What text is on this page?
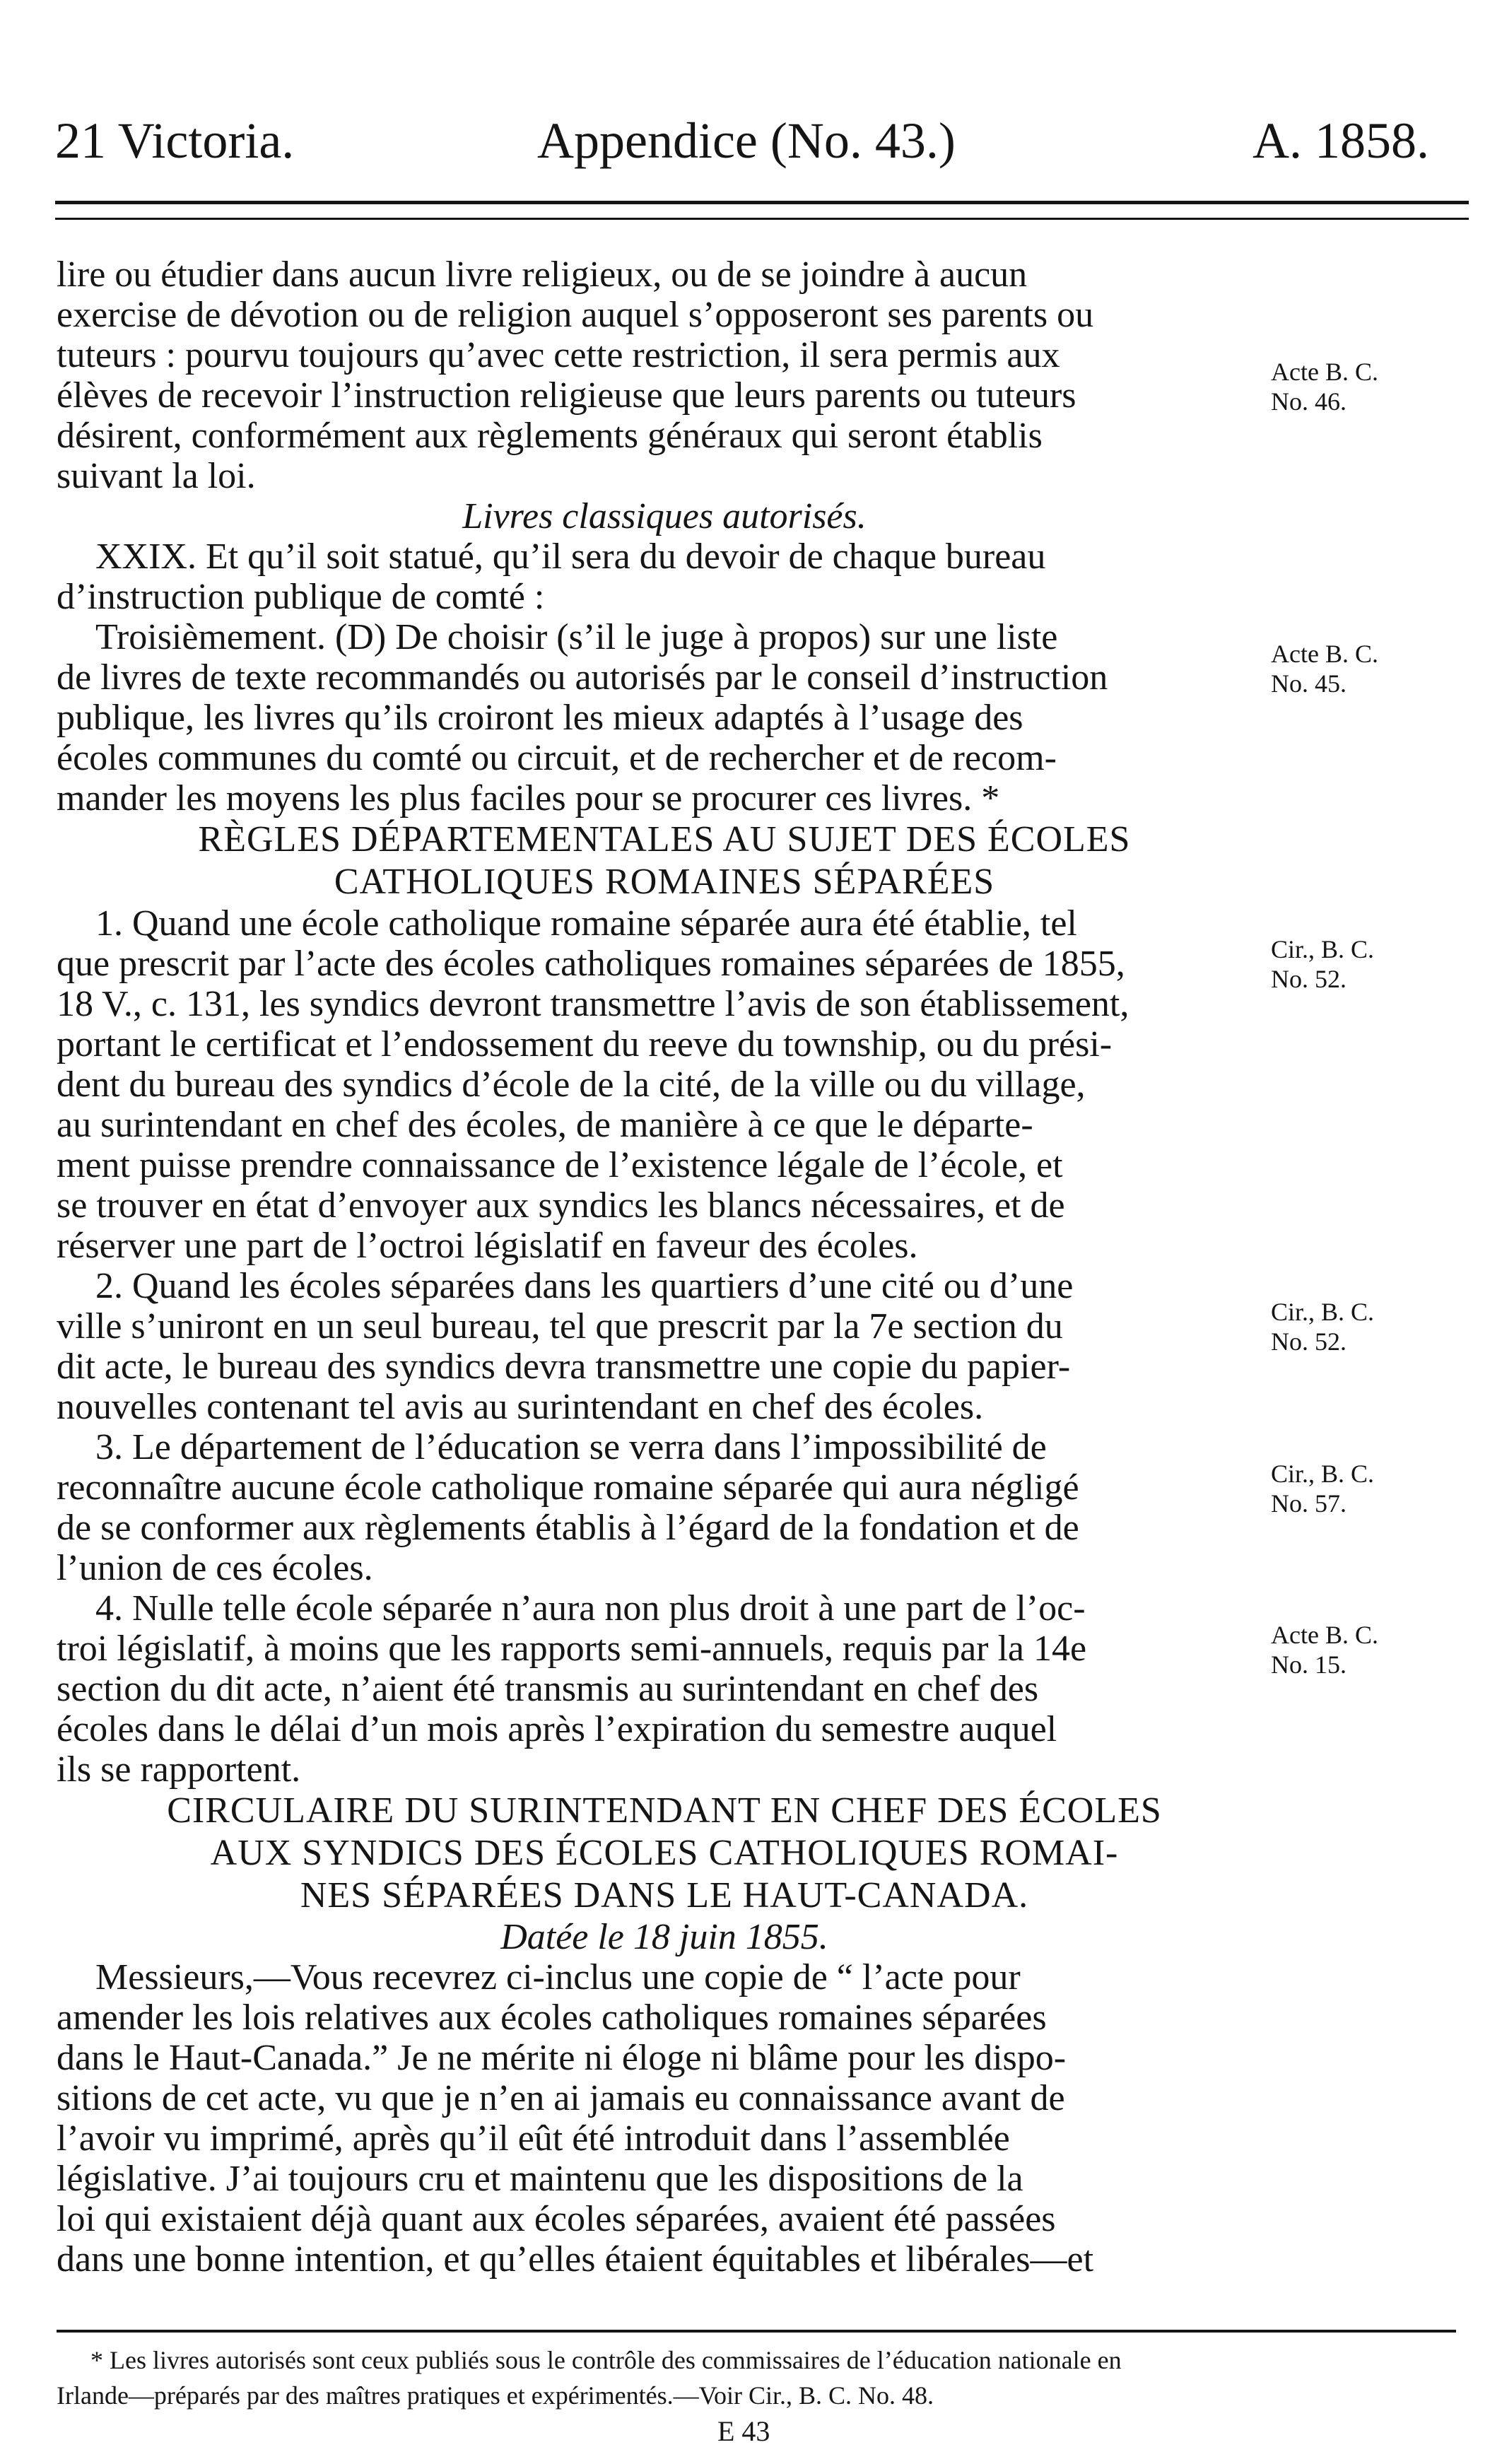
21 Victoria.	Appendice (No. 43.)	A. 1858.
lire ou étudier dans aucun livre religieux, ou de se joindre à aucun
exercise de dévotion ou de religion auquel s’opposeront ses parents ou
tuteurs : pourvu toujours qu’avec cette restriction, il sera permis aux
élèves de recevoir l’instruction religieuse que leurs parents ou tuteurs
désirent, conformément aux règlements généraux qui seront établis
suivant la loi.
Livres classiques autorisés.
XXIX. Et qu’il soit statué, qu’il sera du devoir de chaque bureau
d’instruction publique de comté :
Troisièmement. (D) De choisir (s’il le juge à propos) sur une liste
de livres de texte recommandés ou autorisés par le conseil d’instruction
publique, les livres qu’ils croiront les mieux adaptés à l’usage des
écoles communes du comté ou circuit, et de rechercher et de recom-
mander les moyens les plus faciles pour se procurer ces livres. *
RÈGLES DÉPARTEMENTALES AU SUJET DES ÉCOLES
CATHOLIQUES ROMAINES SÉPARÉES
1. Quand une école catholique romaine séparée aura été établie, tel
que prescrit par l’acte des écoles catholiques romaines séparées de 1855,
18 V., c. 131, les syndics devront transmettre l’avis de son établissement,
portant le certificat et l’endossement du reeve du township, ou du prési-
dent du bureau des syndics d’école de la cité, de la ville ou du village,
au surintendant en chef des écoles, de manière à ce que le départe-
ment puisse prendre connaissance de l’existence légale de l’école, et
se trouver en état d’envoyer aux syndics les blancs nécessaires, et de
réserver une part de l’octroi législatif en faveur des écoles.
2. Quand les écoles séparées dans les quartiers d’une cité ou d’une
ville s’uniront en un seul bureau, tel que prescrit par la 7e section du
dit acte, le bureau des syndics devra transmettre une copie du papier-
nouvelles contenant tel avis au surintendant en chef des écoles.
3. Le département de l’éducation se verra dans l’impossibilité de
reconnaître aucune école catholique romaine séparée qui aura négligé
de se conformer aux règlements établis à l’égard de la fondation et de
l’union de ces écoles.
4. Nulle telle école séparée n’aura non plus droit à une part de l’oc-
troi législatif, à moins que les rapports semi-annuels, requis par la 14e
section du dit acte, n’aient été transmis au surintendant en chef des
écoles dans le délai d’un mois après l’expiration du semestre auquel
ils se rapportent.
CIRCULAIRE DU SURINTENDANT EN CHEF DES ÉCOLES
AUX SYNDICS DES ÉCOLES CATHOLIQUES ROMAI-
NES SÉPARÉES DANS LE HAUT-CANADA.
Datée le 18 juin 1855.
Messieurs,—Vous recevrez ci-inclus une copie de “ l’acte pour
amender les lois relatives aux écoles catholiques romaines séparées
dans le Haut-Canada.” Je ne mérite ni éloge ni blâme pour les dispo-
sitions de cet acte, vu que je n’en ai jamais eu connaissance avant de
l’avoir vu imprimé, après qu’il eût été introduit dans l’assemblée
législative. J’ai toujours cru et maintenu que les dispositions de la
loi qui existaient déjà quant aux écoles séparées, avaient été passées
dans une bonne intention, et qu’elles étaient équitables et libérales—et
Acte B. C.
No. 46.
Acte B. C.
No. 45.
Cir., B. C.
No. 52.
Cir., B. C.
No. 52.
Cir., B. C.
No. 57.
Acte B. C.
No. 15.
* Les livres autorisés sont ceux publiés sous le contrôle des commissaires de l’éducation nationale en
Irlande—préparés par des maîtres pratiques et expérimentés.—Voir Cir., B. C. No. 48.
E 43
